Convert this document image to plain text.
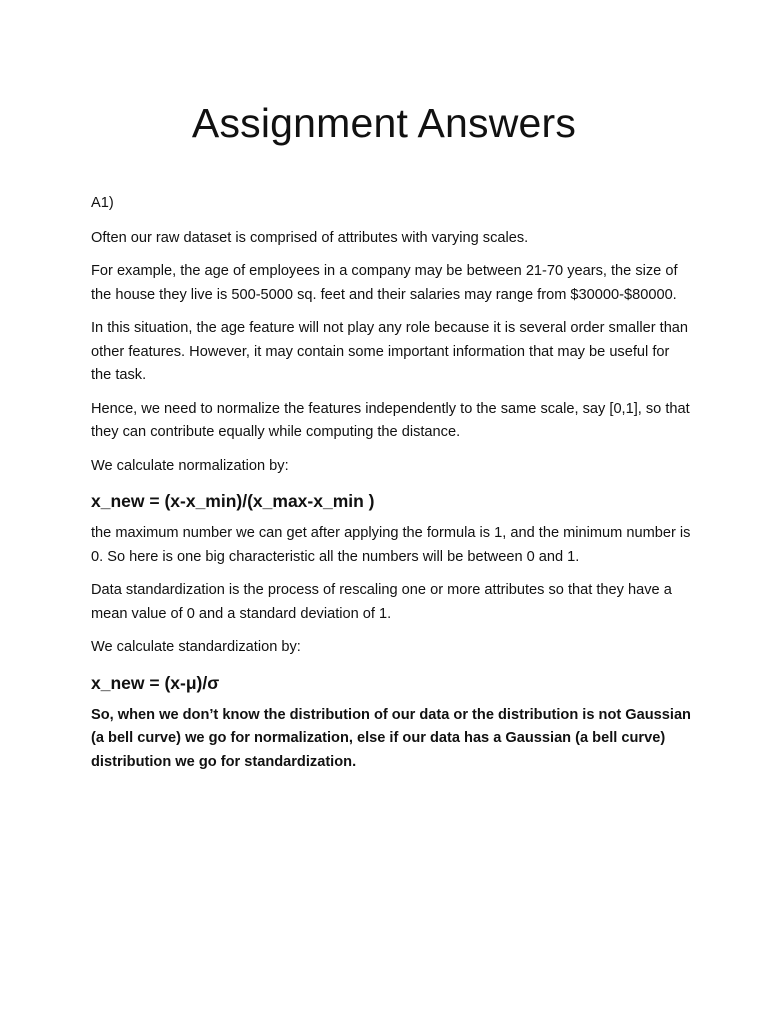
Assignment Answers

A1)

Often our raw dataset is comprised of attributes with varying scales.

For example, the age of employees in a company may be between 21-70 years, the size of the house they live is 500-5000 sq. feet and their salaries may range from $30000-$80000.

In this situation, the age feature will not play any role because it is several order smaller than other features. However, it may contain some important information that may be useful for the task.

Hence, we need to normalize the features independently to the same scale, say [0,1], so that they can contribute equally while computing the distance.

We calculate normalization by:

x_new = (x-x_min)/(x_max-x_min )

the maximum number we can get after applying the formula is 1, and the minimum number is 0. So here is one big characteristic all the numbers will be between 0 and 1.

Data standardization is the process of rescaling one or more attributes so that they have a mean value of 0 and a standard deviation of 1.

We calculate standardization by:

x_new = (x-μ)/σ

So, when we don’t know the distribution of our data or the distribution is not Gaussian (a bell curve) we go for normalization, else if our data has a Gaussian (a bell curve) distribution we go for standardization.
